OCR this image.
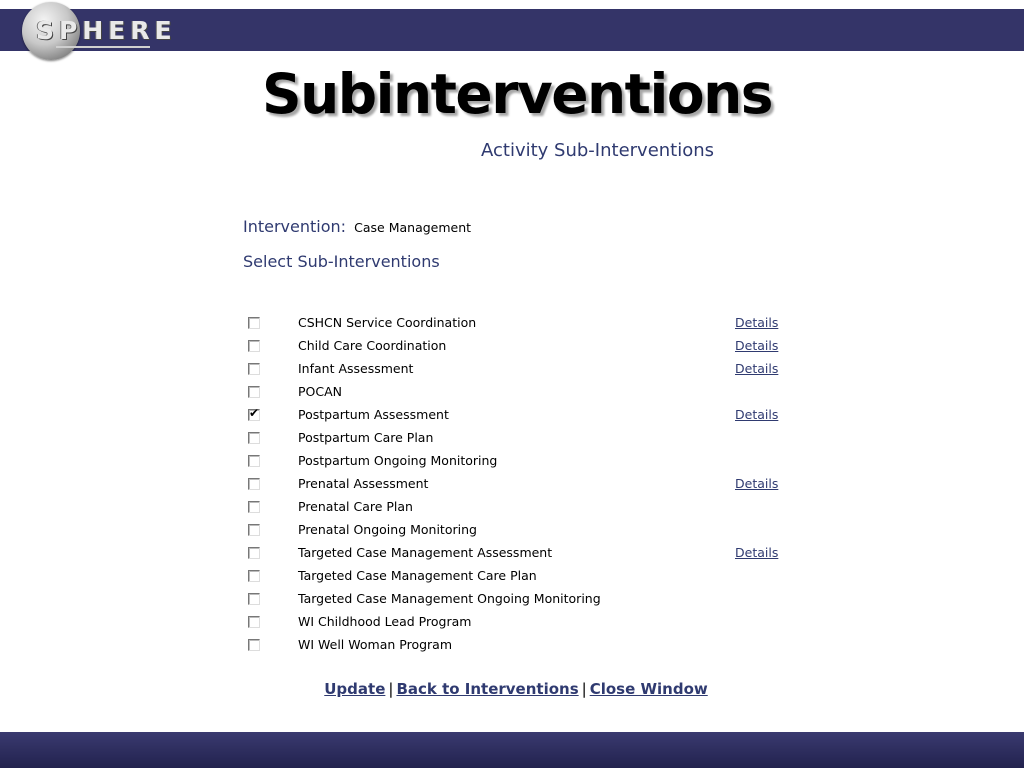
SPHERE
Subinterventions
Activity Sub-Interventions
Intervention: Case Management
Select Sub-Interventions
CSHCN Service Coordination	Details
Child Care Coordination	Details
Infant Assessment	Details
POCAN
✔	Postpartum Assessment	Details
Postpartum Care Plan
Postpartum Ongoing Monitoring
Prenatal Assessment	Details
Prenatal Care Plan
Prenatal Ongoing Monitoring
Targeted Case Management Assessment	Details
Targeted Case Management Care Plan
Targeted Case Management Ongoing Monitoring
WI Childhood Lead Program
WI Well Woman Program
Update | Back to Interventions | Close Window
